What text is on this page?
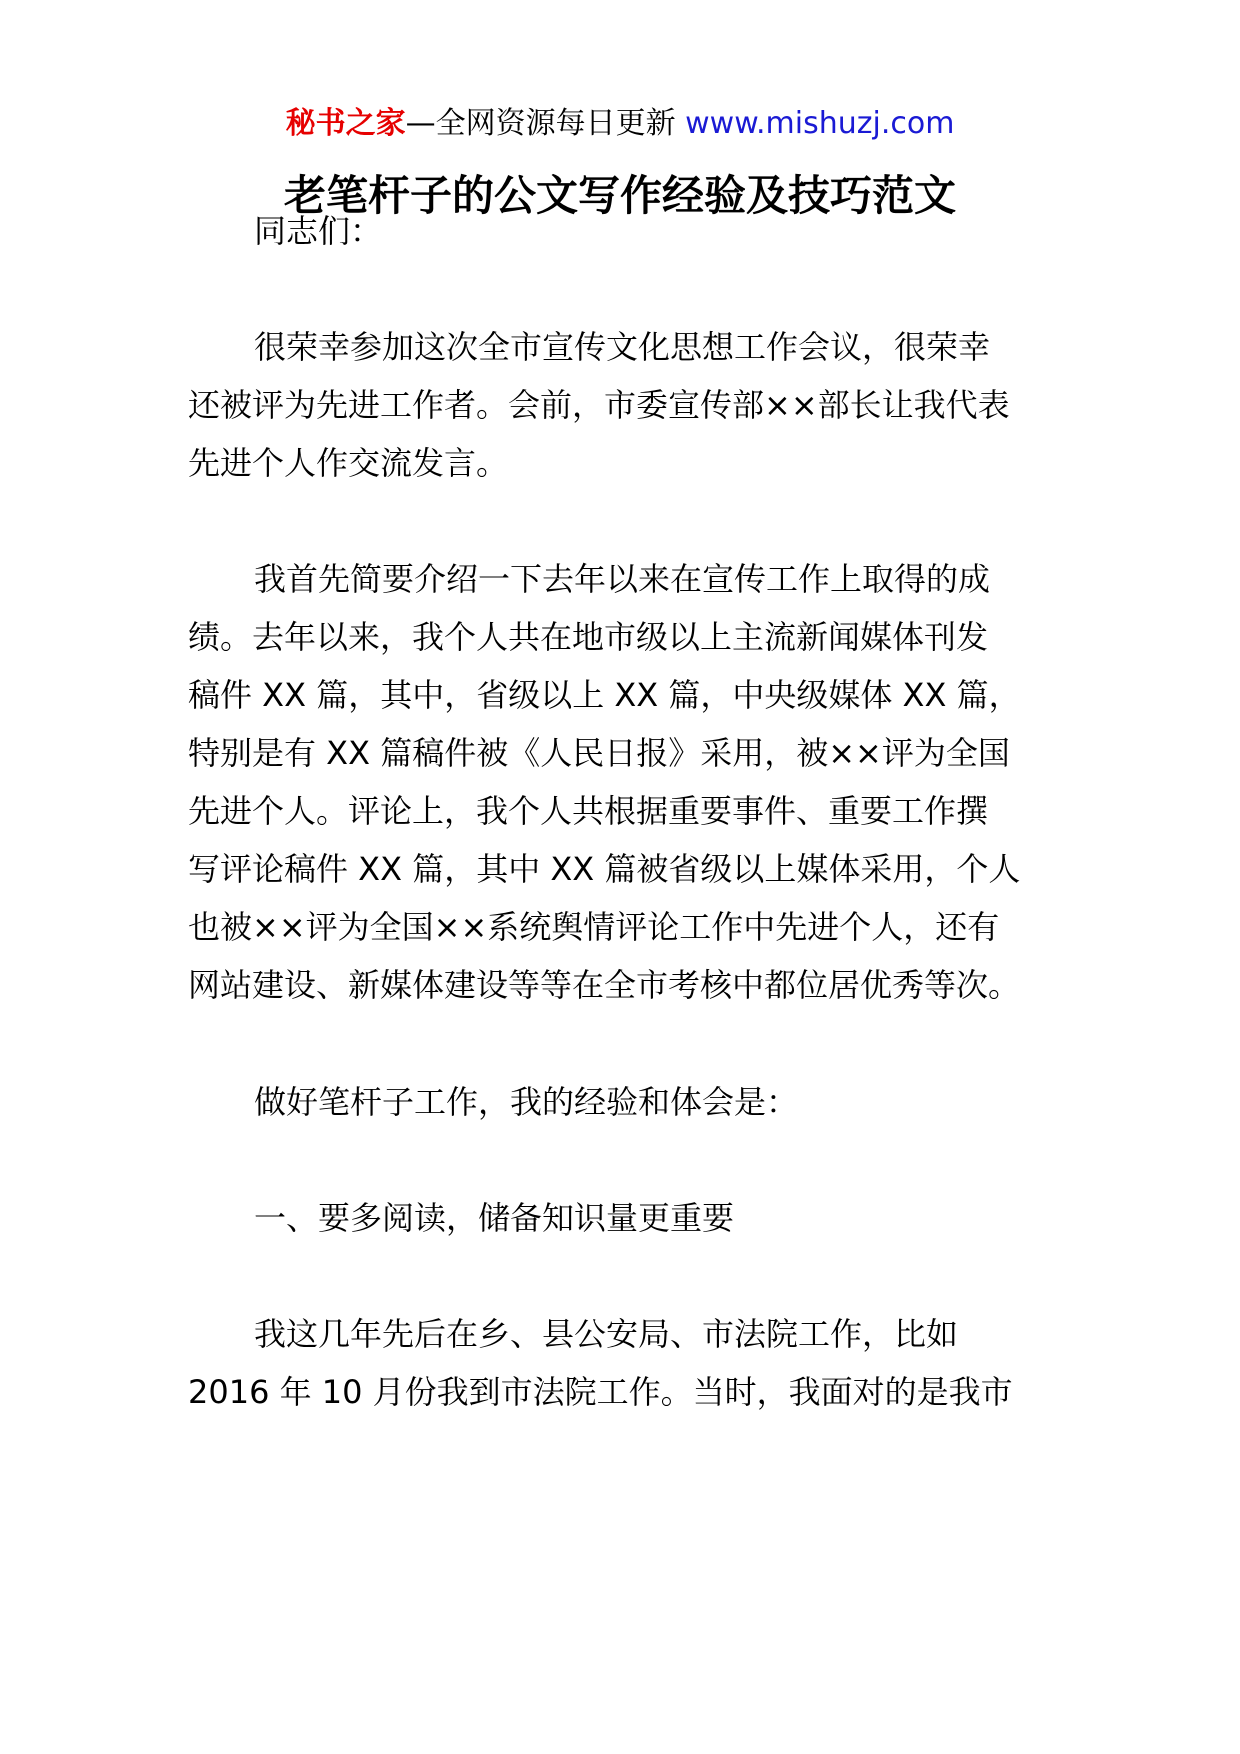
秘书之家—全网资源每日更新 www.mishuzj.com
老笔杆子的公文写作经验及技巧范文
同志们：
很荣幸参加这次全市宣传文化思想工作会议，很荣幸
还被评为先进工作者。会前，市委宣传部××部长让我代表
先进个人作交流发言。
我首先简要介绍一下去年以来在宣传工作上取得的成
绩。去年以来，我个人共在地市级以上主流新闻媒体刊发
稿件 XX 篇，其中，省级以上 XX 篇，中央级媒体 XX 篇，
特别是有 XX 篇稿件被《人民日报》采用，被××评为全国
先进个人。评论上，我个人共根据重要事件、重要工作撰
写评论稿件 XX 篇，其中 XX 篇被省级以上媒体采用，个人
也被××评为全国××系统舆情评论工作中先进个人，还有
网站建设、新媒体建设等等在全市考核中都位居优秀等次。
做好笔杆子工作，我的经验和体会是：
一、要多阅读，储备知识量更重要
我这几年先后在乡、县公安局、市法院工作，比如
2016 年 10 月份我到市法院工作。当时，我面对的是我市
